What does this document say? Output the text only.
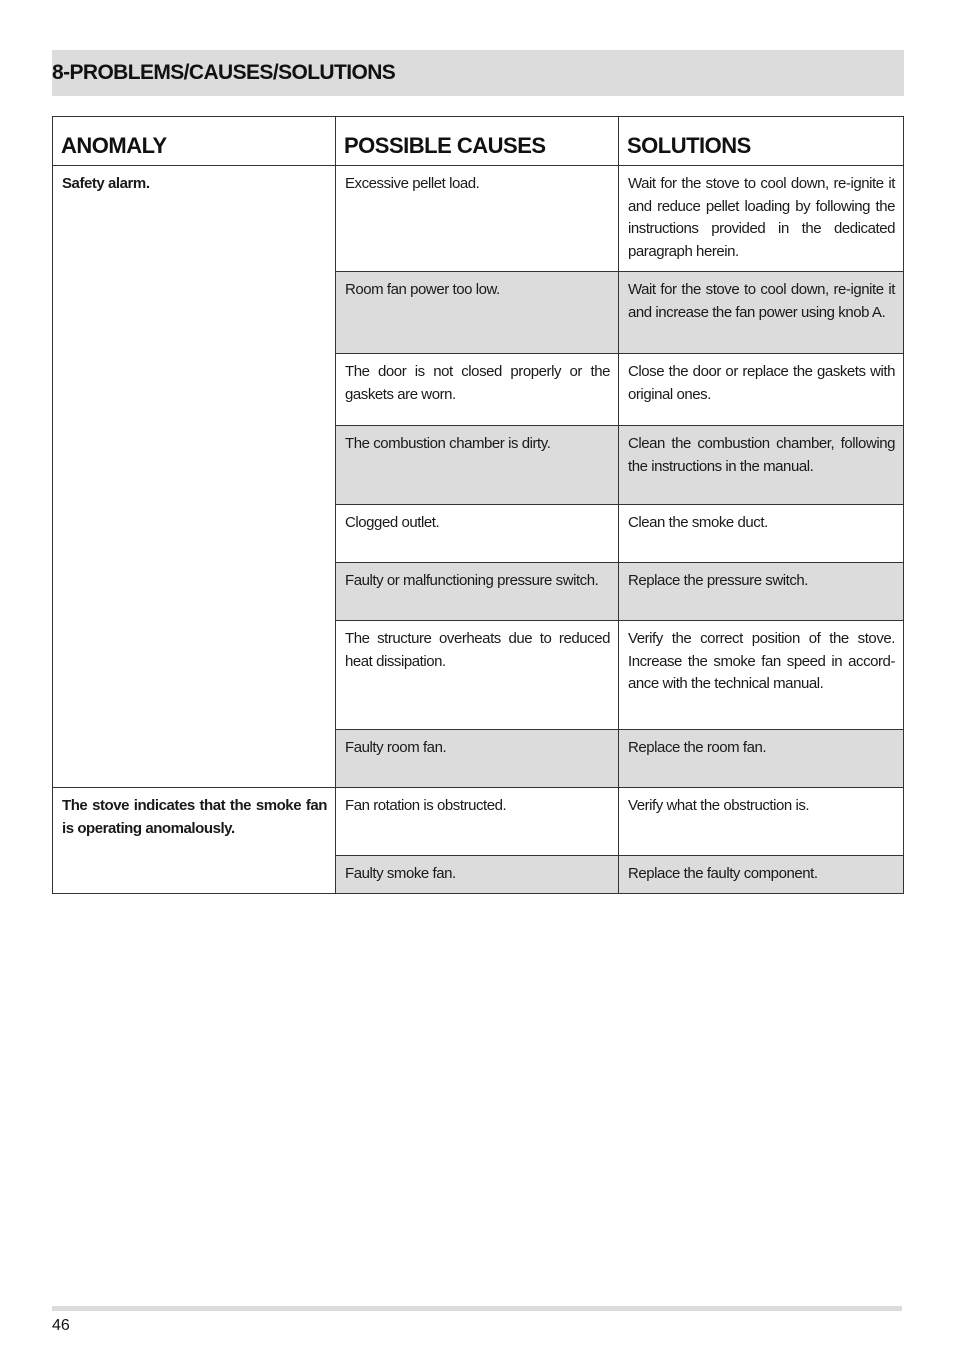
8-PROBLEMS/CAUSES/SOLUTIONS
ANOMALY	POSSIBLE CAUSES	SOLUTIONS
Safety alarm.	Excessive pellet load.	Wait for the stove to cool down, re-ignite it and reduce pellet loading by following the instructions provided in the dedicated paragraph herein.
	Room fan power too low.	Wait for the stove to cool down, re-ignite it and increase the fan power using knob A.
	The door is not closed properly or the gaskets are worn.	Close the door or replace the gaskets with original ones.
	The combustion chamber is dirty.	Clean the combustion chamber, following the instructions in the manual.
	Clogged outlet.	Clean the smoke duct.
	Faulty or malfunctioning pressure switch.	Replace the pressure switch.
	The structure overheats due to reduced heat dissipation.	Verify the correct position of the stove. Increase the smoke fan speed in accord-ance with the technical manual.
	Faulty room fan.	Replace the room fan.
The stove indicates that the smoke fan is operating anomalously.	Fan rotation is obstructed.	Verify what the obstruction is.
	Faulty smoke fan.	Replace the faulty component.
46
